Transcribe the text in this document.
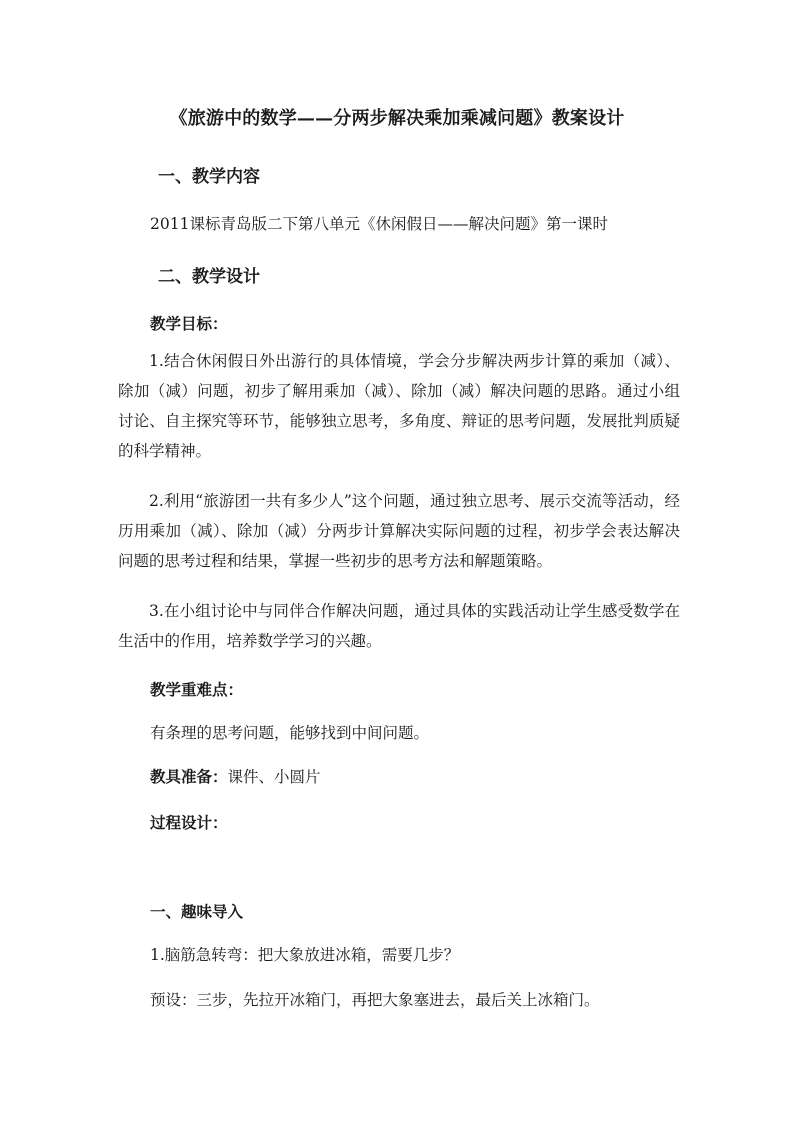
《旅游中的数学——分两步解决乘加乘减问题》教案设计
一、教学内容
2011课标青岛版二下第八单元《休闲假日——解决问题》第一课时
二、教学设计
教学目标：
1.结合休闲假日外出游行的具体情境，学会分步解决两步计算的乘加（减）、除加（减）问题，初步了解用乘加（减）、除加（减）解决问题的思路。通过小组讨论、自主探究等环节，能够独立思考，多角度、辩证的思考问题，发展批判质疑的科学精神。
2.利用“旅游团一共有多少人”这个问题，通过独立思考、展示交流等活动，经历用乘加（减）、除加（减）分两步计算解决实际问题的过程，初步学会表达解决问题的思考过程和结果，掌握一些初步的思考方法和解题策略。
3.在小组讨论中与同伴合作解决问题，通过具体的实践活动让学生感受数学在生活中的作用，培养数学学习的兴趣。
教学重难点：
有条理的思考问题，能够找到中间问题。
教具准备：课件、小圆片
过程设计：
一、趣味导入
1.脑筋急转弯：把大象放进冰箱，需要几步？
预设：三步，先拉开冰箱门，再把大象塞进去，最后关上冰箱门。
